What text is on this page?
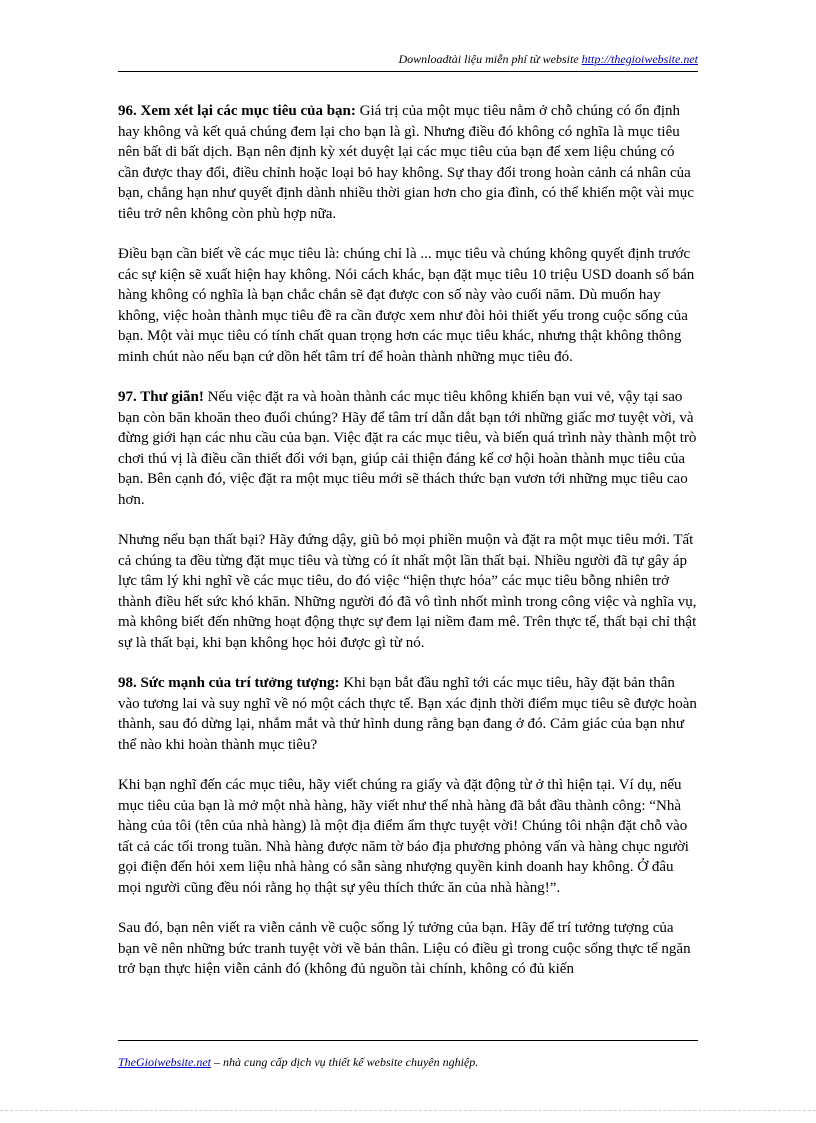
Downloadtài liệu miễn phí từ website http://thegioiwebsite.net

96. Xem xét lại các mục tiêu của bạn: Giá trị của một mục tiêu nằm ở chỗ chúng có ổn định hay không và kết quả chúng đem lại cho bạn là gì. Nhưng điều đó không có nghĩa là mục tiêu nên bất di bất dịch. Bạn nên định kỳ xét duyệt lại các mục tiêu của bạn để xem liệu chúng có cần được thay đổi, điều chỉnh hoặc loại bỏ hay không. Sự thay đổi trong hoàn cảnh cá nhân của bạn, chẳng hạn như quyết định dành nhiều thời gian hơn cho gia đình, có thể khiến một vài mục tiêu trở nên không còn phù hợp nữa.

Điều bạn cần biết về các mục tiêu là: chúng chỉ là ... mục tiêu và chúng không quyết định trước các sự kiện sẽ xuất hiện hay không. Nói cách khác, bạn đặt mục tiêu 10 triệu USD doanh số bán hàng không có nghĩa là bạn chắc chắn sẽ đạt được con số này vào cuối năm. Dù muốn hay không, việc hoàn thành mục tiêu đề ra cần được xem như đòi hỏi thiết yếu trong cuộc sống của bạn. Một vài mục tiêu có tính chất quan trọng hơn các mục tiêu khác, nhưng thật không thông minh chút nào nếu bạn cứ dồn hết tâm trí để hoàn thành những mục tiêu đó.

97. Thư giãn! Nếu việc đặt ra và hoàn thành các mục tiêu không khiến bạn vui vẻ, vậy tại sao bạn còn băn khoăn theo đuổi chúng? Hãy để tâm trí dẫn dắt bạn tới những giấc mơ tuyệt vời, và đừng giới hạn các nhu cầu của bạn. Việc đặt ra các mục tiêu, và biến quá trình này thành một trò chơi thú vị là điều cần thiết đối với bạn, giúp cải thiện đáng kể cơ hội hoàn thành mục tiêu của bạn. Bên cạnh đó, việc đặt ra một mục tiêu mới sẽ thách thức bạn vươn tới những mục tiêu cao hơn.

Nhưng nếu bạn thất bại? Hãy đứng dậy, giũ bỏ mọi phiền muộn và đặt ra một mục tiêu mới. Tất cả chúng ta đều từng đặt mục tiêu và từng có ít nhất một lần thất bại. Nhiều người đã tự gây áp lực tâm lý khi nghĩ về các mục tiêu, do đó việc “hiện thực hóa” các mục tiêu bỗng nhiên trở thành điều hết sức khó khăn. Những người đó đã vô tình nhốt mình trong công việc và nghĩa vụ, mà không biết đến những hoạt động thực sự đem lại niềm đam mê. Trên thực tế, thất bại chỉ thật sự là thất bại, khi bạn không học hỏi được gì từ nó.

98. Sức mạnh của trí tưởng tượng: Khi bạn bắt đầu nghĩ tới các mục tiêu, hãy đặt bản thân vào tương lai và suy nghĩ về nó một cách thực tế. Bạn xác định thời điểm mục tiêu sẽ được hoàn thành, sau đó dừng lại, nhắm mắt và thử hình dung rằng bạn đang ở đó. Cảm giác của bạn như thế nào khi hoàn thành mục tiêu?

Khi bạn nghĩ đến các mục tiêu, hãy viết chúng ra giấy và đặt động từ ở thì hiện tại. Ví dụ, nếu mục tiêu của bạn là mở một nhà hàng, hãy viết như thể nhà hàng đã bắt đầu thành công: “Nhà hàng của tôi (tên của nhà hàng) là một địa điểm ẩm thực tuyệt vời! Chúng tôi nhận đặt chỗ vào tất cả các tối trong tuần. Nhà hàng được năm tờ báo địa phương phỏng vấn và hàng chục người gọi điện đến hỏi xem liệu nhà hàng có sẵn sàng nhượng quyền kinh doanh hay không. Ở đâu mọi người cũng đều nói rằng họ thật sự yêu thích thức ăn của nhà hàng!”.

Sau đó, bạn nên viết ra viễn cảnh về cuộc sống lý tưởng của bạn. Hãy để trí tưởng tượng của bạn vẽ nên những bức tranh tuyệt vời về bản thân. Liệu có điều gì trong cuộc sống thực tế ngăn trở bạn thực hiện viễn cảnh đó (không đủ nguồn tài chính, không có đủ kiến

TheGioiwebsite.net – nhà cung cấp dịch vụ thiết kế website chuyên nghiệp.
